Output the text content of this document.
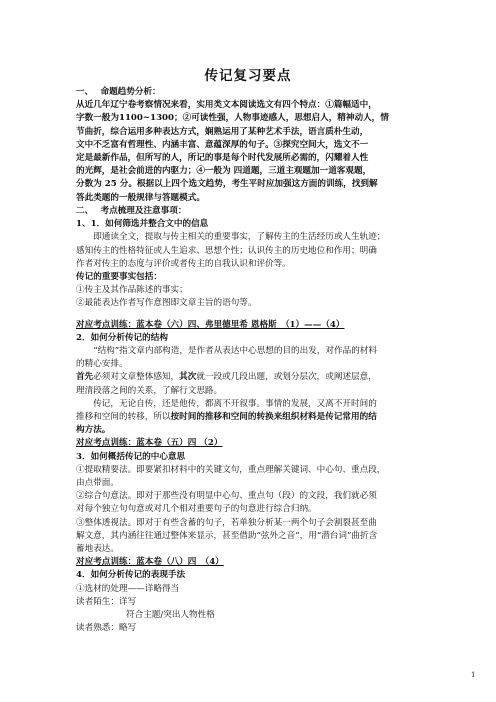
传记复习要点
一、　 命题趋势分析：
从近几年辽宁卷考察情况来看，实用类文本阅读选文有四个特点：①篇幅适中，
字数一般为1100~1300；②可读性强，人物事迹感人，思想启人，精神动人，情
节曲折，综合运用多种表达方式，娴熟运用了某种艺术手法，语言质朴生动，
文中不乏富有哲理性、内涵丰富、意蕴深厚的句子。③探究空间大，选文不一
定是最新作品，但所写的人，所记的事是每个时代发展所必需的，闪耀着人性
的光辉，是社会前进的内驱力；④一般为 四道题，三道主观题加一道客观题，
分数为 25 分。根据以上四个选文趋势，考生平时应加强这方面的训练，找到解
答此类题的一般规律与答题模式。
二、　 考点梳理及注意事项：
1、1．如何筛选并整合文中的信息
　　即通读全文，提取与传主相关的重要事实，了解传主的生活经历或人生轨迹；
感知传主的性格特征或人生追求、思想个性；认识传主的历史地位和作用；明确
作者对传主的态度与评价或者传主的自我认识和评价等。
传记的重要事实包括：
①传主及其作品陈述的事实；
②最能表达作者写作意图即文章主旨的语句等。
对应考点训练：蓝本卷（六）四、弗里德里希 恩格斯　（1）——（4）
2．如何分析传记的结构
　　“结构”指文章内部构造，是作者从表达中心思想的目的出发，对作品的材料
的精心安排。
首先必须对文章整体感知，其次就一段或几段出题，或划分层次，或阐述层意，
理清段落之间的关系，了解行文思路。
　　传记，无论自传，还是他传，都离不开叙事。事情的发展，又离不开时间的
推移和空间的转移，所以按时间的推移和空间的转换来组织材料是传记常用的结
构方法。
对应考点训练：蓝本卷（五）四 （2）
3．如何概括传记的中心意思
①提取精要法。即要紧扣材料中的关键文句，重点理解关键词、中心句、重点段，
由点带面。
②综合句意法。即对于那些没有明显中心句、重点句（段）的文段，我们就必须
对每个独立句句意或对几个相对重要句子的句意进行综合归纳。
③整体透视法。即对于有些含蓄的句子，若单独分析某一两个句子会割裂甚至曲
解文意，其内涵往往通过整体来显示，甚至借助“弦外之音”，用“潜台词”曲折含
蓄地表达。
对应考点训练：蓝本卷（八）四　（4）
4．如何分析传记的表现手法
①选材的处理——详略得当
读者陌生：详写
符合主题/突出人物性格
读者熟悉：略写
1
